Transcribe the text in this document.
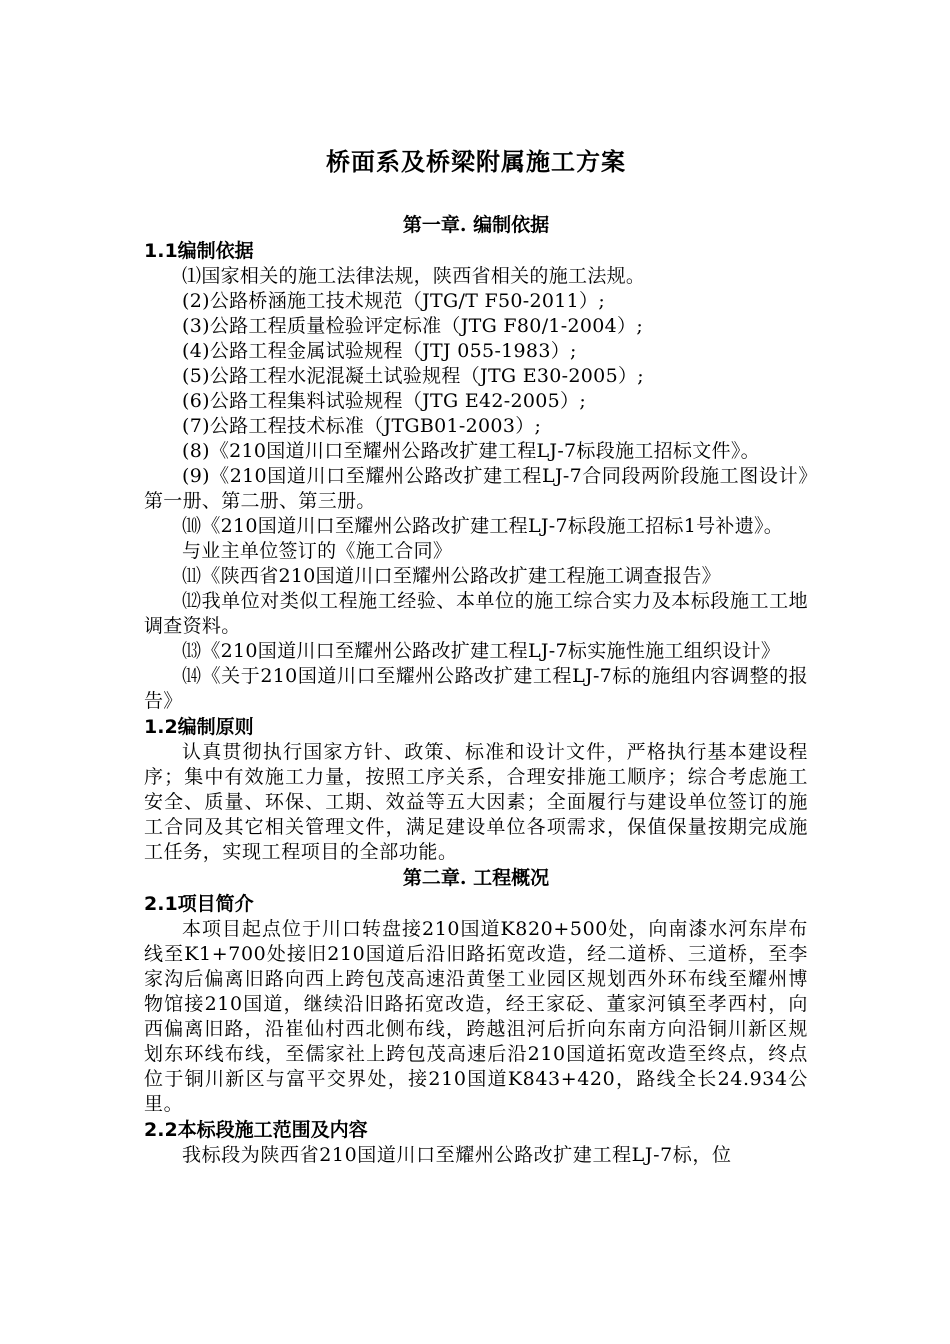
桥面系及桥梁附属施工方案
第一章. 编制依据
1.1编制依据

⑴国家相关的施工法律法规，陕西省相关的施工法规。

(2)公路桥涵施工技术规范（JTG/T F50-2011）;

(3)公路工程质量检验评定标准（JTG F80/1-2004）;

(4)公路工程金属试验规程（JTJ 055-1983）;

(5)公路工程水泥混凝土试验规程（JTG E30-2005）;

(6)公路工程集料试验规程（JTG E42-2005）;

(7)公路工程技术标准（JTGB01-2003）;

(8)《210国道川口至耀州公路改扩建工程LJ-7标段施工招标文件》。

(9)《210国道川口至耀州公路改扩建工程LJ-7合同段两阶段施工图设计》第一册、第二册、第三册。

⑽《210国道川口至耀州公路改扩建工程LJ-7标段施工招标1号补遗》。

与业主单位签订的《施工合同》

⑾《陕西省210国道川口至耀州公路改扩建工程施工调查报告》

⑿我单位对类似工程施工经验、本单位的施工综合实力及本标段施工工地调查资料。

⒀《210国道川口至耀州公路改扩建工程LJ-7标实施性施工组织设计》

⒁《关于210国道川口至耀州公路改扩建工程LJ-7标的施组内容调整的报告》

1.2编制原则

认真贯彻执行国家方针、政策、标准和设计文件，严格执行基本建设程序；集中有效施工力量，按照工序关系，合理安排施工顺序；综合考虑施工安全、质量、环保、工期、效益等五大因素；全面履行与建设单位签订的施工合同及其它相关管理文件，满足建设单位各项需求，保值保量按期完成施工任务，实现工程项目的全部功能。

第二章. 工程概况
2.1项目简介

本项目起点位于川口转盘接210国道K820+500处，向南漆水河东岸布线至K1+700处接旧210国道后沿旧路拓宽改造，经二道桥、三道桥，至李家沟后偏离旧路向西上跨包茂高速沿黄堡工业园区规划西外环布线至耀州博物馆接210国道，继续沿旧路拓宽改造，经王家砭、董家河镇至孝西村，向西偏离旧路，沿崔仙村西北侧布线，跨越沮河后折向东南方向沿铜川新区规划东环线布线，至儒家社上跨包茂高速后沿210国道拓宽改造至终点，终点位于铜川新区与富平交界处，接210国道K843+420，路线全长24.934公里。

2.2本标段施工范围及内容

我标段为陕西省210国道川口至耀州公路改扩建工程LJ-7标，位
